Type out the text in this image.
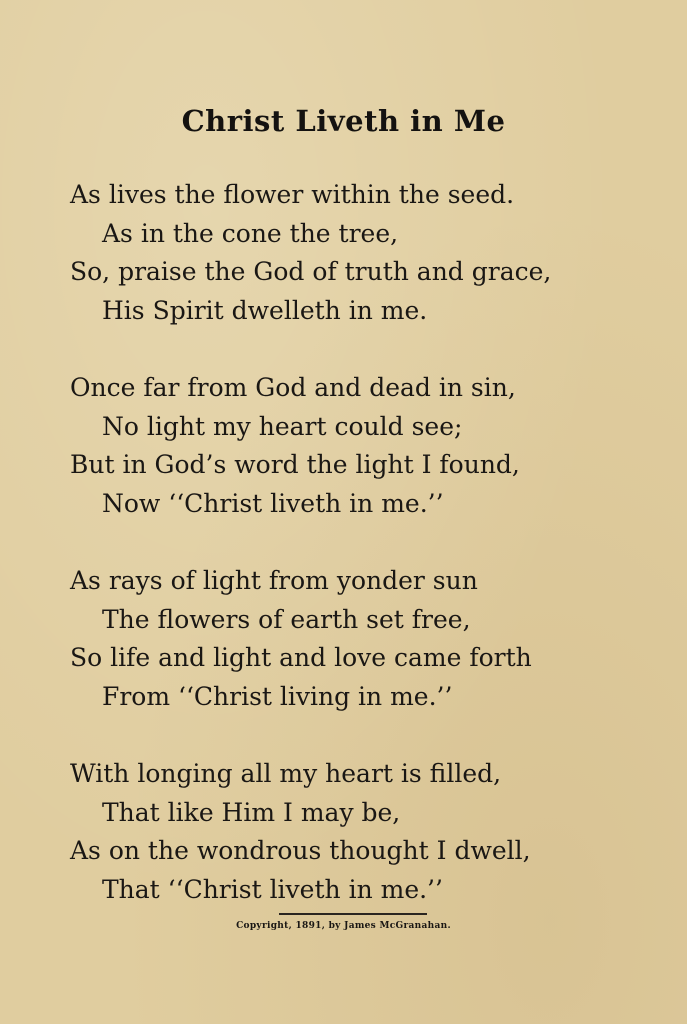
Christ Liveth in Me
As lives the flower within the seed.
As in the cone the tree,
So, praise the God of truth and grace,
His Spirit dwelleth in me.
Once far from God and dead in sin,
No light my heart could see;
But in God’s word the light I found,
Now ‘‘Christ liveth in me.’’
As rays of light from yonder sun
The flowers of earth set free,
So life and light and love came forth
From ‘‘Christ living in me.’’
With longing all my heart is filled,
That like Him I may be,
As on the wondrous thought I dwell,
That ‘‘Christ liveth in me.’’
Copyright, 1891, by James McGranahan.
